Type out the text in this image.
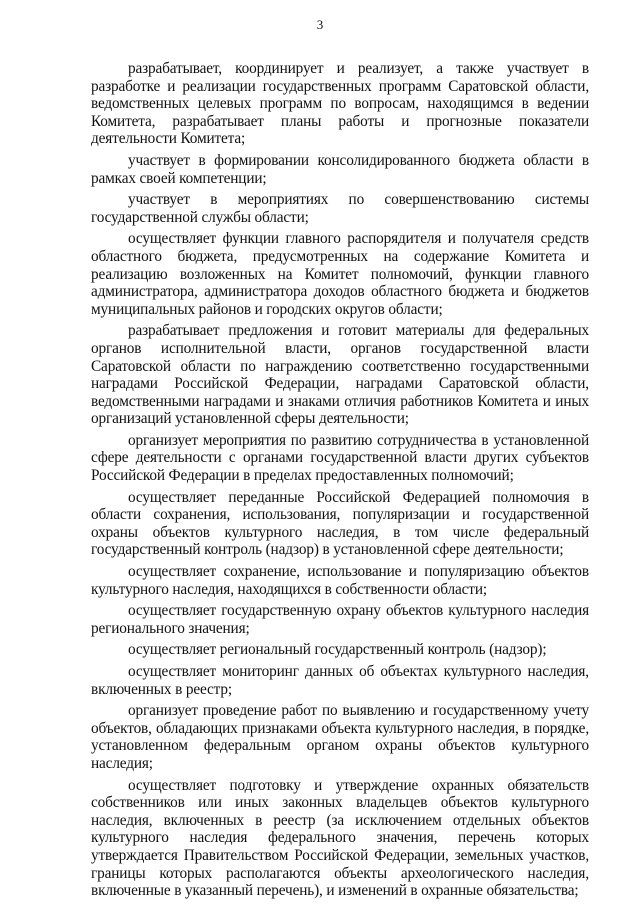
3

разрабатывает, координирует и реализует, а также участвует в разработке и реализации государственных программ Саратовской области, ведомственных целевых программ по вопросам, находящимся в ведении Комитета, разрабатывает планы работы и прогнозные показатели деятельности Комитета;

участвует в формировании консолидированного бюджета области в рамках своей компетенции;

участвует в мероприятиях по совершенствованию системы государственной службы области;

осуществляет функции главного распорядителя и получателя средств областного бюджета, предусмотренных на содержание Комитета и реализацию возложенных на Комитет полномочий, функции главного администратора, администратора доходов областного бюджета и бюджетов муниципальных районов и городских округов области;

разрабатывает предложения и готовит материалы для федеральных органов исполнительной власти, органов государственной власти Саратовской области по награждению соответственно государственными наградами Российской Федерации, наградами Саратовской области, ведомственными наградами и знаками отличия работников Комитета и иных организаций установленной сферы деятельности;

организует мероприятия по развитию сотрудничества в установленной сфере деятельности с органами государственной власти других субъектов Российской Федерации в пределах предоставленных полномочий;

осуществляет переданные Российской Федерацией полномочия в области сохранения, использования, популяризации и государственной охраны объектов культурного наследия, в том числе федеральный государственный контроль (надзор) в установленной сфере деятельности;

осуществляет сохранение, использование и популяризацию объектов культурного наследия, находящихся в собственности области;

осуществляет государственную охрану объектов культурного наследия регионального значения;

осуществляет региональный государственный контроль (надзор);

осуществляет мониторинг данных об объектах культурного наследия, включенных в реестр;

организует проведение работ по выявлению и государственному учету объектов, обладающих признаками объекта культурного наследия, в порядке, установленном федеральным органом охраны объектов культурного наследия;

осуществляет подготовку и утверждение охранных обязательств собственников или иных законных владельцев объектов культурного наследия, включенных в реестр (за исключением отдельных объектов культурного наследия федерального значения, перечень которых утверждается Правительством Российской Федерации, земельных участков, границы которых располагаются объекты археологического наследия, включенные в указанный перечень), и изменений в охранные обязательства;
